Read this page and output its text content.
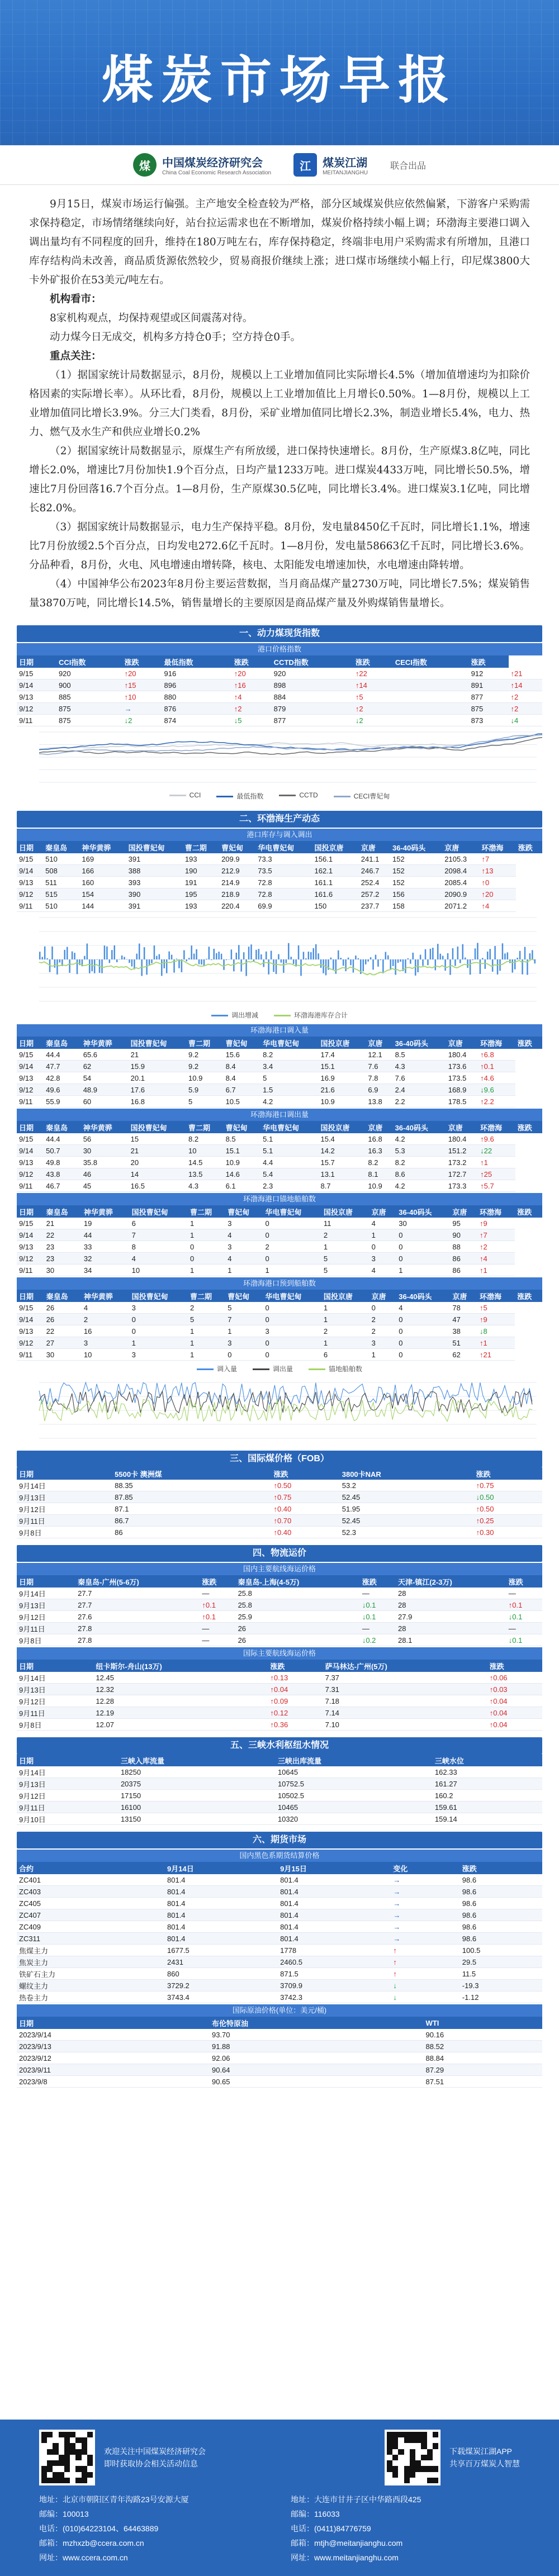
煤炭市场早报
煤	中国煤炭经济研究会
China Coal Economic Research Association
江	煤炭江湖
MEITANJIANGHU
联合出品

9月15日，煤炭市场运行偏强。主产地安全检查较为严格，部分区域煤炭供应依然偏紧，下游客户采购需求保持稳定，市场情绪继续向好，站台拉运需求也在不断增加，煤炭价格持续小幅上调；环渤海主要港口调入调出量均有不同程度的回升，维持在180万吨左右，库存保持稳定，终端非电用户采购需求有所增加，且港口库存结构尚未改善，商品质货源依然较少，贸易商报价继续上涨；进口煤市场继续小幅上行，印尼煤3800大卡外矿报价在53美元/吨左右。

机构看市：

8家机构观点，均保持观望或区间震荡对待。

动力煤今日无成交，机构多方持仓0手；空方持仓0手。

重点关注：

（1）据国家统计局数据显示，8月份，规模以上工业增加值同比实际增长4.5%（增加值增速均为扣除价格因素的实际增长率）。从环比看，8月份，规模以上工业增加值比上月增长0.50%。1—8月份，规模以上工业增加值同比增长3.9%。分三大门类看，8月份，采矿业增加值同比增长2.3%，制造业增长5.4%，电力、热力、燃气及水生产和供应业增长0.2%

（2）据国家统计局数据显示，原煤生产有所放缓，进口保持快速增长。8月份，生产原煤3.8亿吨，同比增长2.0%，增速比7月份加快1.9个百分点，日均产量1233万吨。进口煤炭4433万吨，同比增长50.5%，增速比7月份回落16.7个百分点。1—8月份，生产原煤30.5亿吨，同比增长3.4%。进口煤炭3.1亿吨，同比增长82.0%。

（3）据国家统计局数据显示，电力生产保持平稳。8月份，发电量8450亿千瓦时，同比增长1.1%，增速比7月份放缓2.5个百分点，日均发电272.6亿千瓦时。1—8月份，发电量58663亿千瓦时，同比增长3.6%。分品种看，8月份，火电、风电增速由增转降，核电、太阳能发电增速加快，水电增速由降转增。

（4）中国神华公布2023年8月份主要运营数据，当月商品煤产量2730万吨，同比增长7.5%；煤炭销售量3870万吨，同比增长14.5%，销售量增长的主要原因是商品煤产量及外购煤销售量增长。

一、动力煤现货指数
港口价格指数
日期	CCI指数	涨跌	最低指数	涨跌	CCTD指数	涨跌	CECI指数	涨跌	
9/15	920	↑20	916	↑20	920	↑22		912	↑21
9/14	900	↑15	896	↑16	898	↑14		891	↑14
9/13	885	↑10	880	↑4	884	↑5		877	↑2
9/12	875	→	876	↑2	879	↑2		875	↑2
9/11	875	↓2	874	↓5	877	↓2		873	↓4
CCI	最低指数	CCTD	CECI曹妃甸
二、环渤海生产动态
港口库存与调入调出
日期	秦皇岛	神华黄骅	国投曹妃甸	曹二期	曹妃甸	华电曹妃甸	国投京唐	京唐	36-40码头	京唐	环渤海	涨跌
9/15	510	169	391	193	209.9	73.3	156.1	241.1	152	2105.3	↑7	
9/14	508	166	388	190	212.9	73.5	162.1	246.7	152	2098.4	↑13	
9/13	511	160	393	191	214.9	72.8	161.1	252.4	152	2085.4	↑0	
9/12	515	154	390	195	218.9	72.8	161.6	257.2	156	2090.9	↑20	
9/11	510	144	391	193	220.4	69.9	150	237.7	158	2071.2	↑4	
调出增减	环渤海港库存合计
环渤海港口调入量
日期	秦皇岛	神华黄骅	国投曹妃甸	曹二期	曹妃甸	华电曹妃甸	国投京唐	京唐	36-40码头	京唐	环渤海	涨跌
9/15	44.4	65.6	21	9.2	15.6	8.2	17.4	12.1	8.5	180.4	↑6.8	
9/14	47.7	62	15.9	9.2	8.4	3.4	15.1	7.6	4.3	173.6	↑0.1	
9/13	42.8	54	20.1	10.9	8.4	5	16.9	7.8	7.6	173.5	↑4.6	
9/12	49.6	48.9	17.6	5.9	6.7	1.5	21.6	6.9	2.4	168.9	↓9.6	
9/11	55.9	60	16.8	5	10.5	4.2	10.9	13.8	2.2	178.5	↑2.2	
环渤海港口调出量
日期	秦皇岛	神华黄骅	国投曹妃甸	曹二期	曹妃甸	华电曹妃甸	国投京唐	京唐	36-40码头	京唐	环渤海	涨跌
9/15	44.4	56	15	8.2	8.5	5.1	15.4	16.8	4.2	180.4	↑9.6	
9/14	50.7	30	21	10	15.1	5.1	14.2	16.3	5.3	151.2	↓22	
9/13	49.8	35.8	20	14.5	10.9	4.4	15.7	8.2	8.2	173.2	↑1	
9/12	43.8	46	14	13.5	14.6	5.4	13.1	8.1	8.6	172.7	↑25	
9/11	46.7	45	16.5	4.3	6.1	2.3	8.7	10.9	4.2	173.3	↑5.7	
环渤海港口锚地船舶数
日期	秦皇岛	神华黄骅	国投曹妃甸	曹二期	曹妃甸	华电曹妃甸	国投京唐	京唐	36-40码头	京唐	环渤海	涨跌
9/15	21	19	6	1	3	0	11	4	30	95	↑9	
9/14	22	44	7	1	4	0	2	1	0	90	↑7	
9/13	23	33	8	0	3	2	1	0	0	88	↑2	
9/12	23	32	4	0	4	0	5	3	0	86	↑4	
9/11	30	34	10	1	1	1	5	4	1	86	↑1	
环渤海港口预到船舶数
日期	秦皇岛	神华黄骅	国投曹妃甸	曹二期	曹妃甸	华电曹妃甸	国投京唐	京唐	36-40码头	京唐	环渤海	涨跌
9/15	26	4	3	2	5	0	1	0	4	78	↑5	
9/14	26	2	0	5	7	0	1	2	0	47	↑9	
9/13	22	16	0	1	1	3	2	2	0	38	↓8	
9/12	27	3	1	1	3	0	1	3	0	51	↑1	
9/11	30	10	3	1	0	0	6	1	0	62	↑21	
调入量	调出量	锚地船舶数
三、国际煤价格（FOB）
日期	5500卡 澳洲煤	涨跌	3800卡NAR	涨跌
9月14日	88.35	↑0.50	53.2	↑0.75
9月13日	87.85	↑0.75	52.45	↓0.50
9月12日	87.1	↑0.40	51.95	↑0.50
9月11日	86.7	↑0.70	52.45	↑0.25
9月8日	86	↑0.40	52.3	↑0.30
四、物流运价
国内主要航线海运价格
日期	秦皇岛-广州(5-6万)	涨跌	秦皇岛-上海(4-5万)	涨跌	天津-镇江(2-3万)	涨跌
9月14日	27.7	—	25.8	—	28	—
9月13日	27.7	↑0.1	25.8	↓0.1	28	↑0.1
9月12日	27.6	↑0.1	25.9	↓0.1	27.9	↓0.1
9月11日	27.8	—	26	—	28	—
9月8日	27.8	—	26	↓0.2	28.1	↓0.1
国际主要航线海运价格
日期	纽卡斯尔-舟山(13万)	涨跌	萨马林达-广州(5万)	涨跌
9月14日	12.45	↑0.13	7.37	↑0.06
9月13日	12.32	↑0.04	7.31	↑0.03
9月12日	12.28	↑0.09	7.18	↑0.04
9月11日	12.19	↑0.12	7.14	↑0.04
9月8日	12.07	↑0.36	7.10	↑0.04
五、三峡水利枢纽水情况
日期	三峡入库流量	三峡出库流量	三峡水位
9月14日	18250	10645	162.33
9月13日	20375	10752.5	161.27
9月12日	17150	10502.5	160.2
9月11日	16100	10465	159.61
9月10日	13150	10320	159.14
六、期货市场
国内黑色系期货结算价格
合约	9月14日	9月15日	变化	涨跌
ZC401	801.4	801.4	→	98.6
ZC403	801.4	801.4	→	98.6
ZC405	801.4	801.4	→	98.6
ZC407	801.4	801.4	→	98.6
ZC409	801.4	801.4	→	98.6
ZC311	801.4	801.4	→	98.6
焦煤主力	1677.5	1778	↑	100.5
焦炭主力	2431	2460.5	↑	29.5
铁矿石主力	860	871.5	↑	11.5
螺纹主力	3729.2	3709.9	↓	-19.3
热卷主力	3743.4	3742.3	↓	-1.12
国际原油价格(单位：美元/桶)
日期	布伦特原油	WTI
2023/9/14	93.70	90.16
2023/9/13	91.88	88.52
2023/9/12	92.06	88.84
2023/9/11	90.64	87.29
2023/9/8	90.65	87.51
欢迎关注中国煤炭经济研究会
即时获取协会相关活动信息
下载煤炭江湖APP
共享百万煤炭人智慧
地址：北京市朝阳区青年沟路23号安源大厦	地址：大连市甘井子区中华路西段425
邮编：100013	邮编：116033
电话：(010)64223104、64463889	电话：(0411)84776759
邮箱：mzhxzb@ccera.com.cn	邮箱：mtjh@meitanjianghu.com
网址：www.ccera.com.cn	网址：www.meitanjianghu.com
